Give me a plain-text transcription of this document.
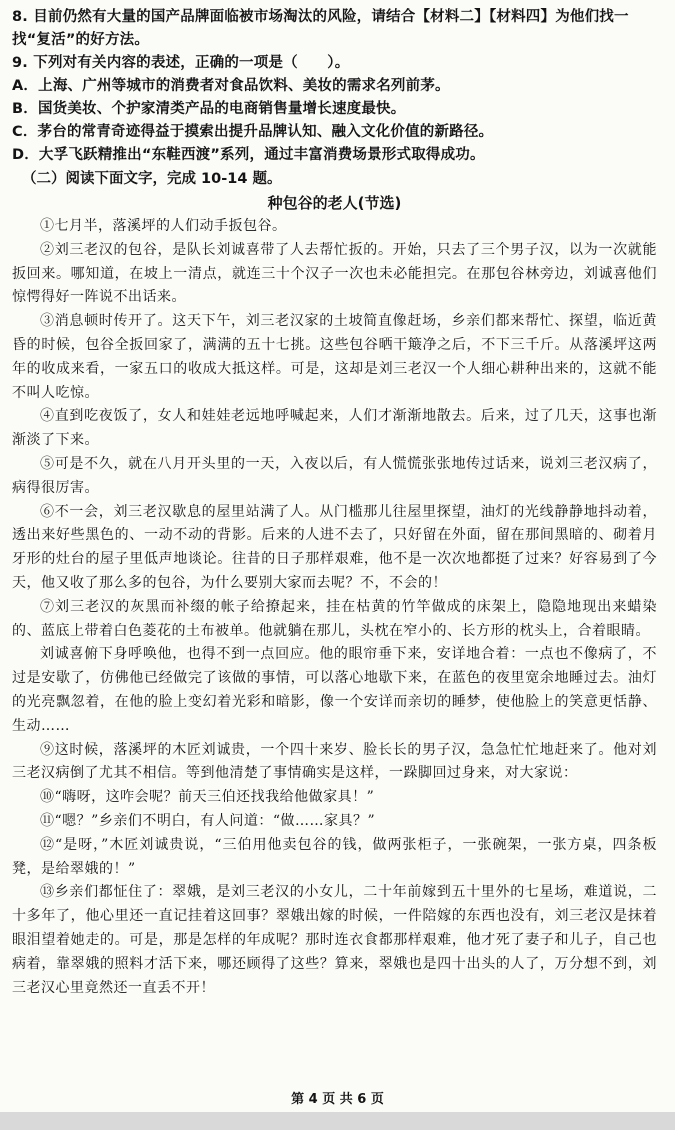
8. 目前仍然有大量的国产品牌面临被市场淘汰的风险，请结合【材料二】【材料四】为他们找一找“复活”的好方法。

9. 下列对有关内容的表述，正确的一项是（　　）。

A．上海、广州等城市的消费者对食品饮料、美妆的需求名列前茅。

B．国货美妆、个护家清类产品的电商销售量增长速度最快。

C．茅台的常青奇迹得益于摸索出提升品牌认知、融入文化价值的新路径。

D．大孚飞跃精推出“东鞋西渡”系列，通过丰富消费场景形式取得成功。

（二）阅读下面文字，完成 10-14 题。

种包谷的老人(节选)

①七月半，落溪坪的人们动手扳包谷。

②刘三老汉的包谷，是队长刘诚喜带了人去帮忙扳的。开始，只去了三个男子汉，以为一次就能扳回来。哪知道，在坡上一清点，就连三十个汉子一次也未必能担完。在那包谷林旁边，刘诚喜他们惊愕得好一阵说不出话来。

③消息顿时传开了。这天下午，刘三老汉家的土坡简直像赶场，乡亲们都来帮忙、探望，临近黄昏的时候，包谷全扳回家了，满满的五十七挑。这些包谷晒干簸净之后，不下三千斤。从落溪坪这两年的收成来看，一家五口的收成大抵这样。可是，这却是刘三老汉一个人细心耕种出来的，这就不能不叫人吃惊。

④直到吃夜饭了，女人和娃娃老远地呼喊起来，人们才渐渐地散去。后来，过了几天，这事也渐渐淡了下来。

⑤可是不久，就在八月开头里的一天，入夜以后，有人慌慌张张地传过话来，说刘三老汉病了，病得很厉害。

⑥不一会，刘三老汉歇息的屋里站满了人。从门槛那儿往屋里探望，油灯的光线静静地抖动着，透出来好些黑色的、一动不动的背影。后来的人进不去了，只好留在外面，留在那间黑暗的、砌着月牙形的灶台的屋子里低声地谈论。往昔的日子那样艰难，他不是一次次地都挺了过来？好容易到了今天，他又收了那么多的包谷，为什么要别大家而去呢？不，不会的！

⑦刘三老汉的灰黑而补缀的帐子给撩起来，挂在枯黄的竹竿做成的床架上，隐隐地现出来蜡染的、蓝底上带着白色菱花的土布被单。他就躺在那儿，头枕在窄小的、长方形的枕头上，合着眼睛。

刘诚喜俯下身呼唤他，也得不到一点回应。他的眼帘垂下来，安详地合着：一点也不像病了，不过是安歇了，仿佛他已经做完了该做的事情，可以落心地歇下来，在蓝色的夜里宽余地睡过去。油灯的光亮飘忽着，在他的脸上变幻着光彩和暗影，像一个安详而亲切的睡梦，使他脸上的笑意更恬静、生动……

⑨这时候，落溪坪的木匠刘诚贵，一个四十来岁、脸长长的男子汉，急急忙忙地赶来了。他对刘三老汉病倒了尤其不相信。等到他清楚了事情确实是这样，一跺脚回过身来，对大家说：

⑩“嗨呀，这咋会呢？前天三伯还找我给他做家具！”

⑪“嗯？”乡亲们不明白，有人问道：“做……家具？”

⑫“是呀，”木匠刘诚贵说，“三伯用他卖包谷的钱，做两张柜子，一张碗架，一张方桌，四条板凳，是给翠娥的！”

⑬乡亲们都怔住了：翠娥，是刘三老汉的小女儿，二十年前嫁到五十里外的七星场，难道说，二十多年了，他心里还一直记挂着这回事？翠娥出嫁的时候，一件陪嫁的东西也没有，刘三老汉是抹着眼泪望着她走的。可是，那是怎样的年成呢？那时连衣食都那样艰难，他才死了妻子和儿子，自己也病着，靠翠娥的照料才活下来，哪还顾得了这些？算来，翠娥也是四十出头的人了，万分想不到，刘三老汉心里竟然还一直丢不开！

第 4 页 共 6 页
